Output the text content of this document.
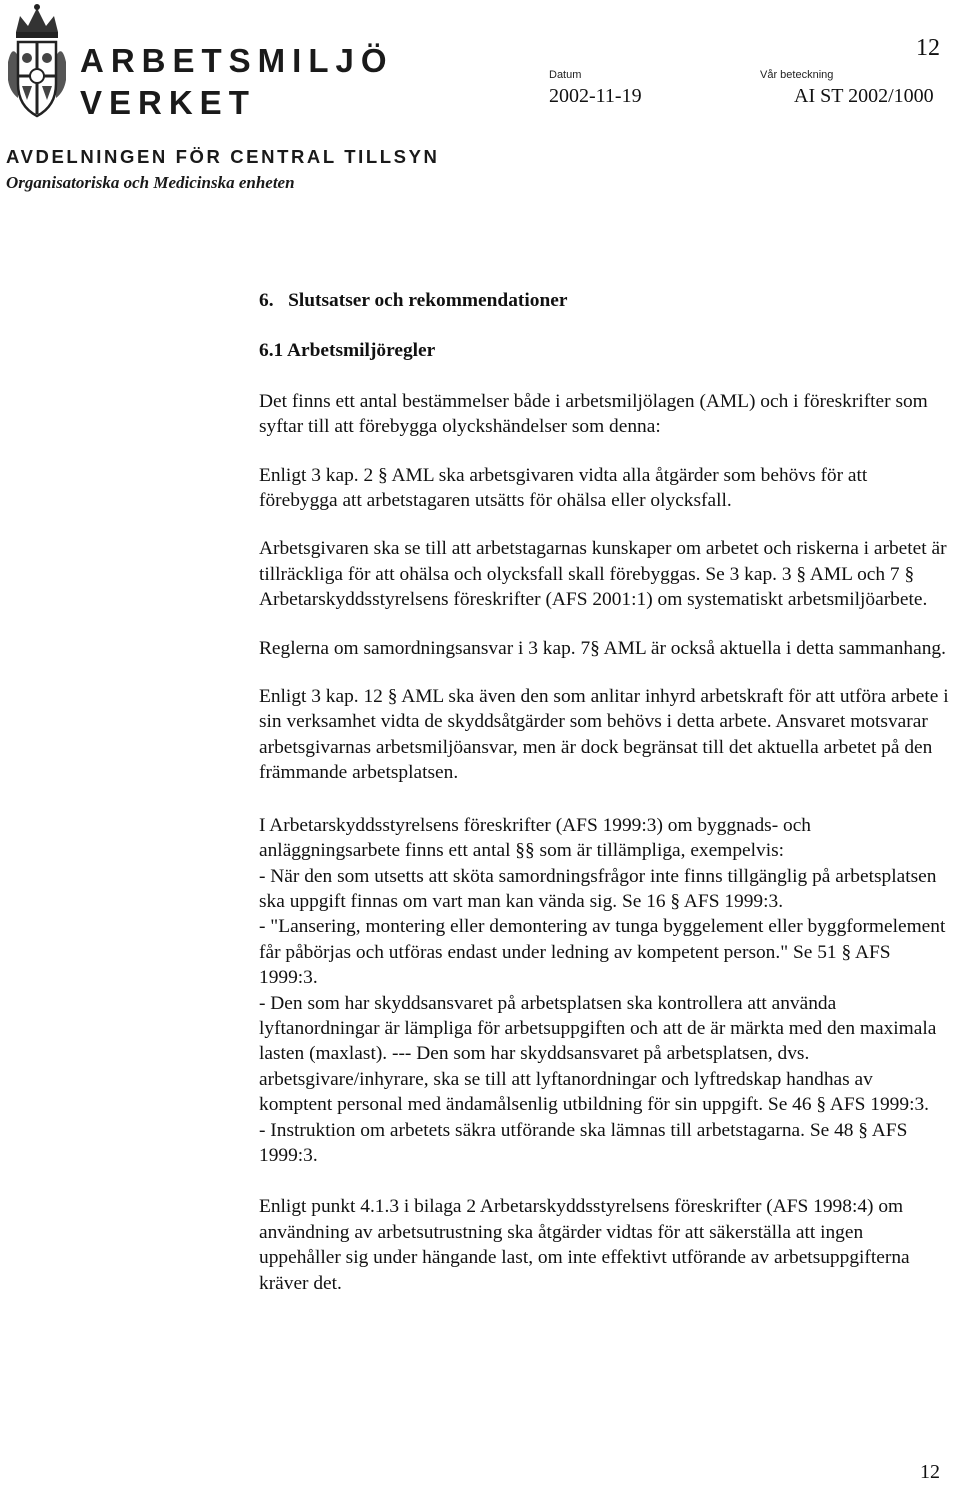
ARBETSMILJÖ
VERKET
AVDELNINGEN FÖR CENTRAL TILLSYN
Organisatoriska och Medicinska enheten
Datum
2002-11-19
Vår beteckning
AI ST 2002/1000
12
6.  Slutsatser och rekommendationer
6.1 Arbetsmiljöregler

Det finns ett antal bestämmelser både i arbetsmiljölagen (AML) och i föreskrifter som syftar till att förebygga olyckshändelser som denna:

Enligt 3 kap. 2 § AML ska arbetsgivaren vidta alla åtgärder som behövs för att förebygga att arbetstagaren utsätts för ohälsa eller olycksfall.

Arbetsgivaren ska se till att arbetstagarnas kunskaper om arbetet och riskerna i arbetet är tillräckliga för att ohälsa och olycksfall skall förebyggas. Se 3 kap. 3 § AML och 7 § Arbetarskyddsstyrelsens föreskrifter (AFS 2001:1) om systematiskt arbetsmiljöarbete.

Reglerna om samordningsansvar i 3 kap. 7§ AML är också aktuella i detta sammanhang.

Enligt 3 kap. 12 § AML ska även den som anlitar inhyrd arbetskraft för att utföra arbete i sin verksamhet vidta de skyddsåtgärder som behövs i detta arbete. Ansvaret motsvarar arbetsgivarnas arbetsmiljöansvar, men är dock begränsat till det aktuella arbetet på den främmande arbetsplatsen.

I Arbetarskyddsstyrelsens föreskrifter (AFS 1999:3) om byggnads- och anläggningsarbete finns ett antal §§ som är tillämpliga, exempelvis:

- När den som utsetts att sköta samordningsfrågor inte finns tillgänglig på arbetsplatsen ska uppgift finnas om vart man kan vända sig. Se 16 § AFS 1999:3.

- "Lansering, montering eller demontering av tunga byggelement eller byggformelement får påbörjas och utföras endast under ledning av kompetent person." Se 51 § AFS 1999:3.

- Den som har skyddsansvaret på arbetsplatsen ska kontrollera att använda lyftanordningar är lämpliga för arbetsuppgiften och att de är märkta med den maximala lasten (maxlast). --- Den som har skyddsansvaret på arbetsplatsen, dvs. arbetsgivare/inhyrare, ska se till att lyftanordningar och lyftredskap handhas av komptent personal med ändamålsenlig utbildning för sin uppgift. Se 46 § AFS 1999:3.

- Instruktion om arbetets säkra utförande ska lämnas till arbetstagarna. Se 48 § AFS 1999:3.

Enligt punkt 4.1.3 i bilaga 2 Arbetarskyddsstyrelsens föreskrifter (AFS 1998:4) om användning av arbetsutrustning ska åtgärder vidtas för att säkerställa att ingen uppehåller sig under hängande last, om inte effektivt utförande av arbetsuppgifterna kräver det.

12
